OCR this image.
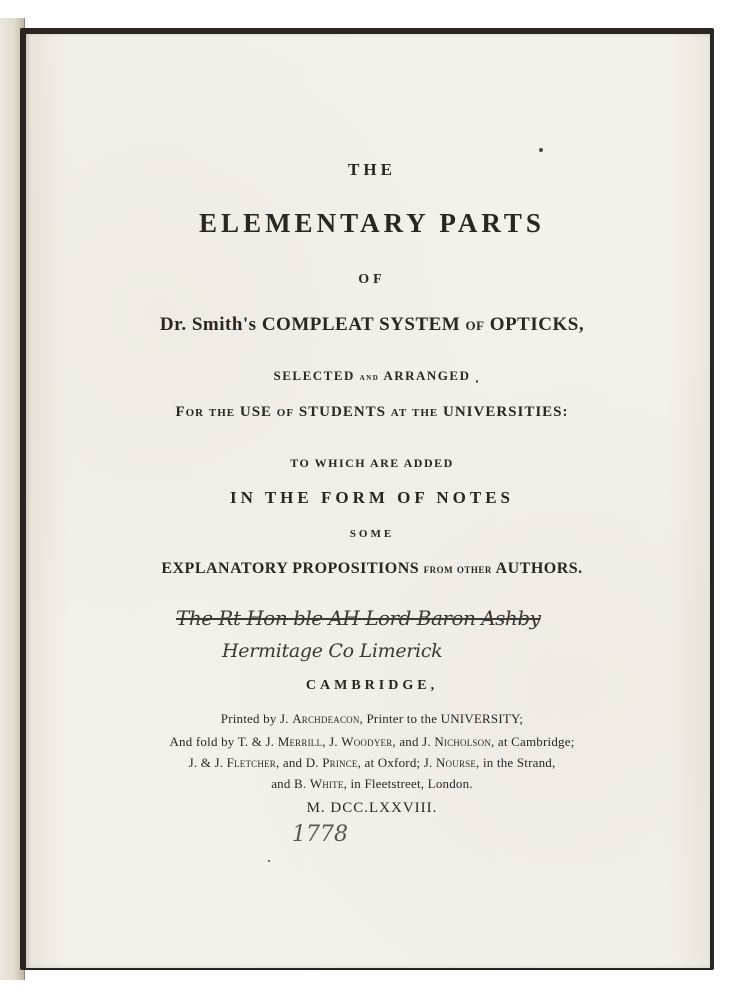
THE
ELEMENTARY PARTS
OF
Dr. Smith's COMPLEAT SYSTEM of OPTICKS,
SELECTED and ARRANGED
For the USE of STUDENTS at the UNIVERSITIES:
TO WHICH ARE ADDED
IN THE FORM OF NOTES
SOME
EXPLANATORY PROPOSITIONS from other AUTHORS.
The Rt Hon ble AH Lord Baron Ashby
Hermitage Co Limerick
CAMBRIDGE,
Printed by J. Archdeacon, Printer to the UNIVERSITY;
And fold by T. & J. Merrill, J. Woodyer, and J. Nicholson, at Cambridge;
J. & J. Fletcher, and D. Prince, at Oxford; J. Nourse, in the Strand,
and B. White, in Fleetstreet, London.
M. DCC.LXXVIII.
1778
